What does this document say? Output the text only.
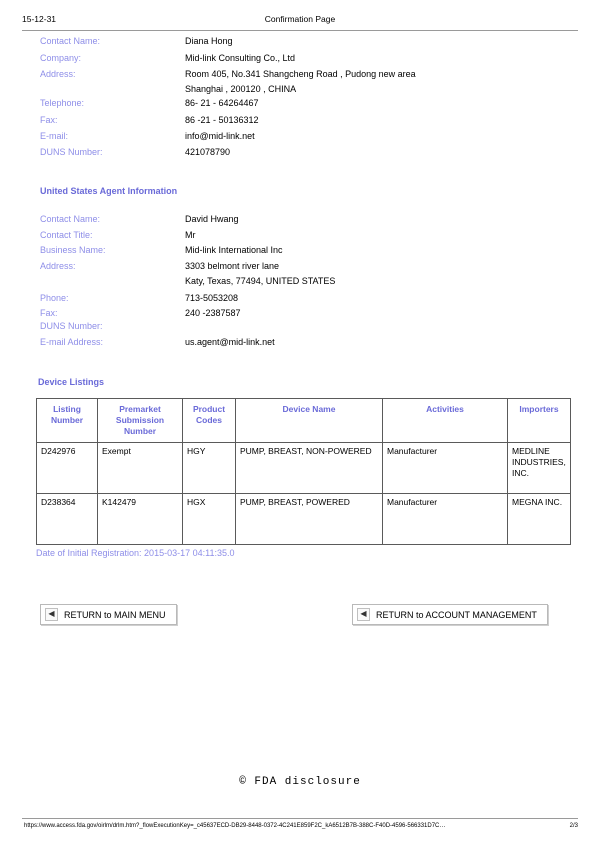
15-12-31	Confirmation Page
Contact Name:	Diana Hong
Company:	Mid-link Consulting Co., Ltd
Address:	Room 405, No.341 Shangcheng Road , Pudong new area
Shanghai , 200120 , CHINA
Telephone:	86- 21 - 64264467
Fax:	86 -21 - 50136312
E-mail:	info@mid-link.net
DUNS Number:	421078790
United States Agent Information
Contact Name:	David Hwang
Contact Title:	Mr
Business Name:	Mid-link International Inc
Address:	3303 belmont river lane
Katy, Texas, 77494, UNITED STATES
Phone:	713-5053208
Fax:	240 -2387587
DUNS Number:
E-mail Address:	us.agent@mid-link.net
Device Listings
Listing Number	Premarket Submission Number	Product Codes	Device Name	Activities	Importers
D242976	Exempt	HGY	PUMP, BREAST, NON-POWERED	Manufacturer	MEDLINE INDUSTRIES, INC.
D238364	K142479	HGX	PUMP, BREAST, POWERED	Manufacturer	MEGNA INC.
Date of Initial Registration: 2015-03-17 04:11:35.0
◀	RETURN to MAIN MENU	◀	RETURN to ACCOUNT MANAGEMENT
© FDA disclosure
https://www.access.fda.gov/oirlm/drlm.htm?_flowExecutionKey=_c45637ECD-DB29-8448-0372-4C241E859F2C_kA6512B7B-388C-F40D-4596-566331D7C…	2/3
